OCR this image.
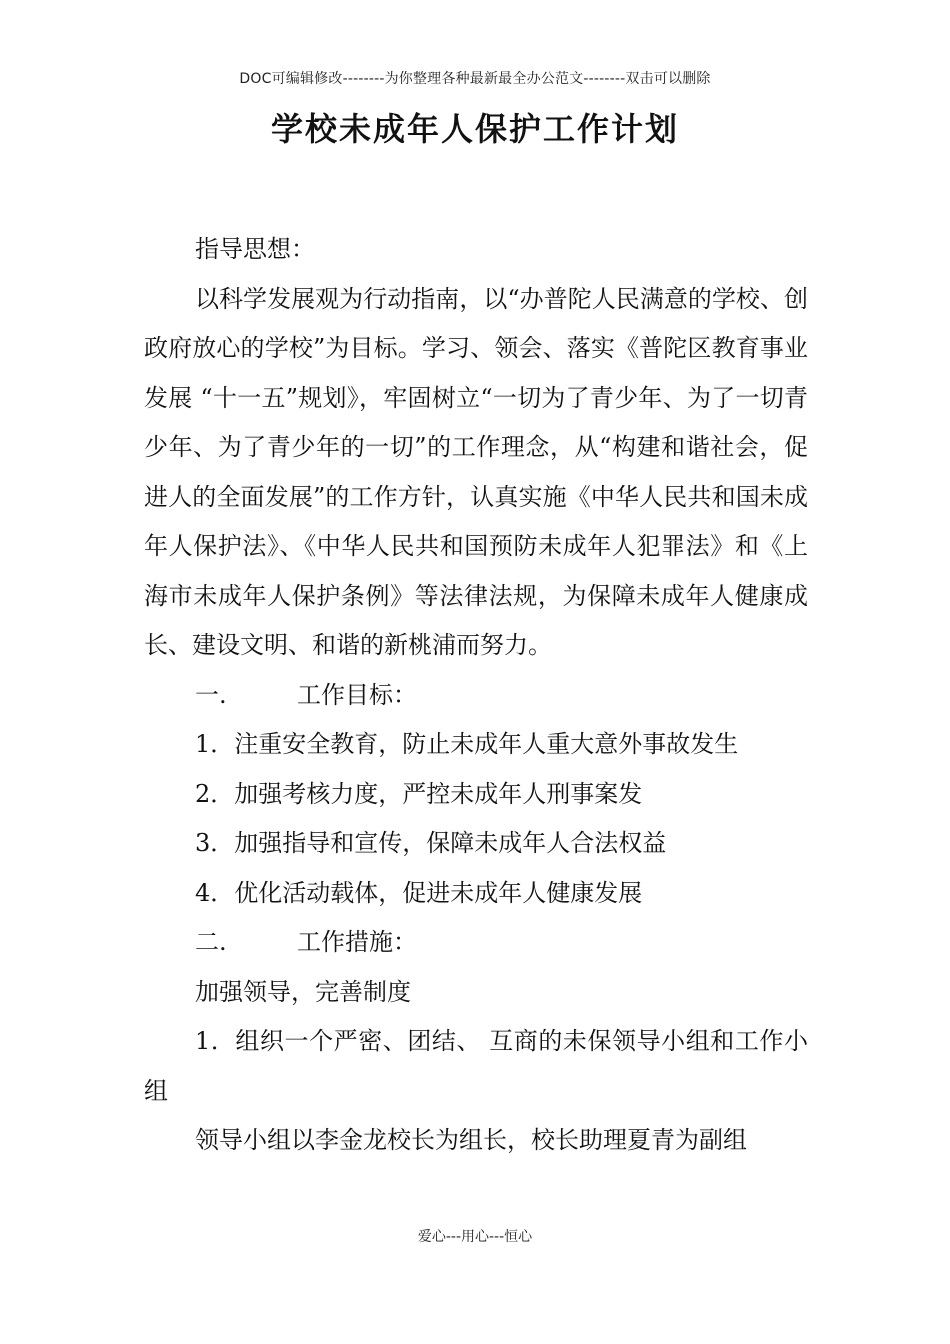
DOC可编辑修改--------为你整理各种最新最全办公范文--------双击可以删除
学校未成年人保护工作计划

指导思想：

以科学发展观为行动指南，以“办普陀人民满意的学校、创政府放心的学校”为目标。学习、领会、落实《普陀区教育事业发展 “十一五”规划》，牢固树立“一切为了青少年、为了一切青少年、为了青少年的一切”的工作理念，从“构建和谐社会，促进人的全面发展”的工作方针，认真实施《中华人民共和国未成年人保护法》、《中华人民共和国预防未成年人犯罪法》和《上海市未成年人保护条例》等法律法规，为保障未成年人健康成长、建设文明、和谐的新桃浦而努力。

一.	工作目标：

1．注重安全教育，防止未成年人重大意外事故发生

2．加强考核力度，严控未成年人刑事案发

3．加强指导和宣传，保障未成年人合法权益

4．优化活动载体，促进未成年人健康发展

二.	工作措施：

加强领导，完善制度

1．组织一个严密、团结、 互商的未保领导小组和工作小组

领导小组以李金龙校长为组长，校长助理夏青为副组

爱心---用心---恒心
